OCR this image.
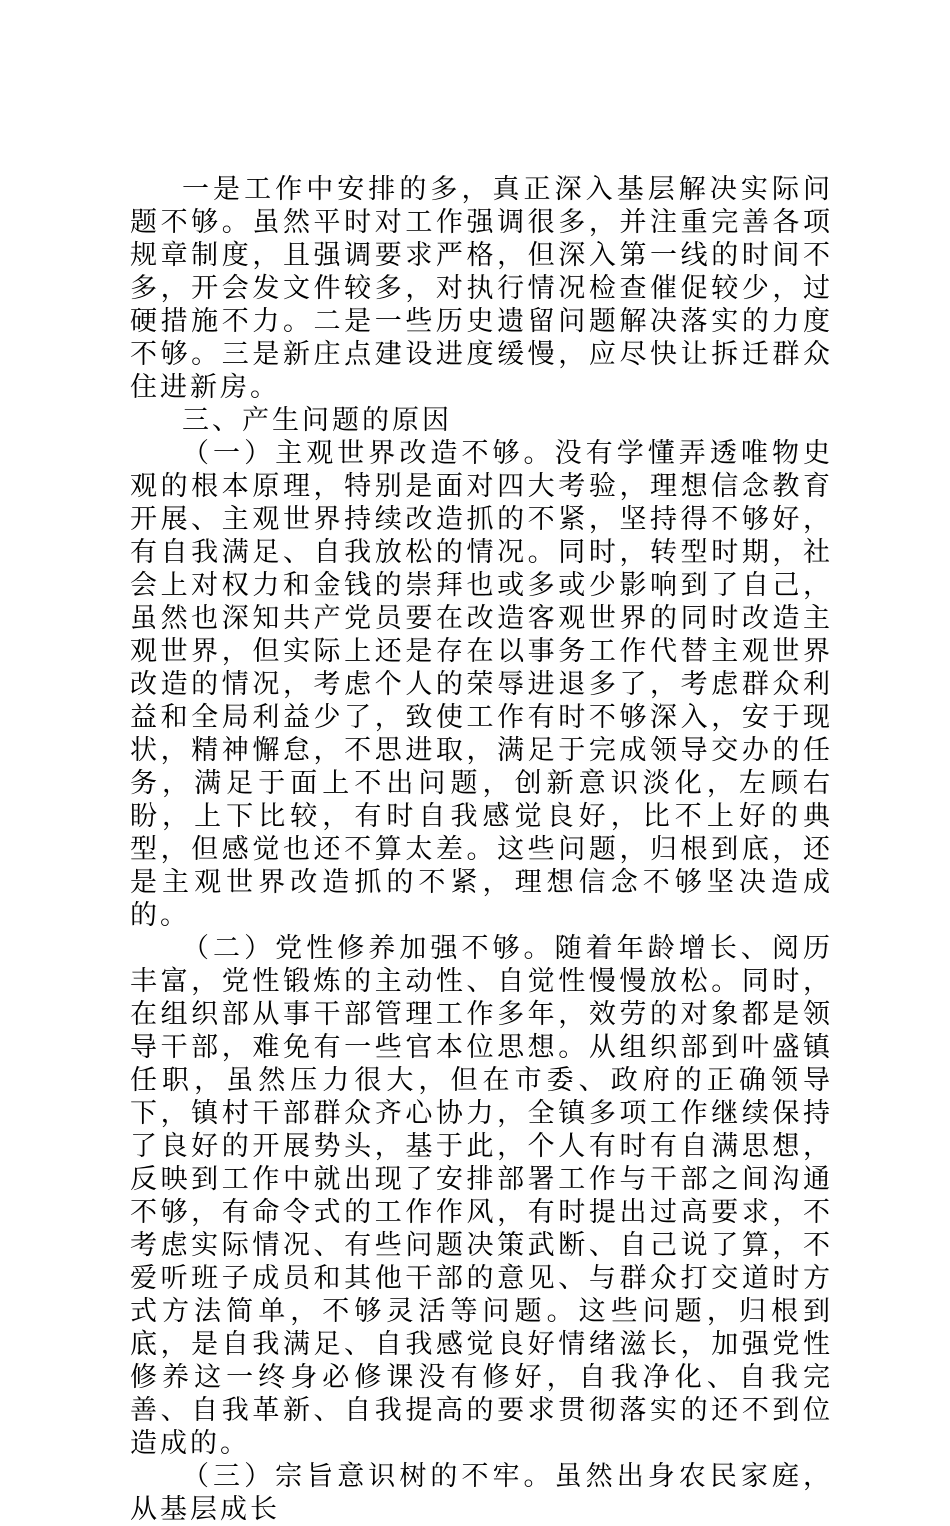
一是工作中安排的多，真正深入基层解决实际问题不够。虽然平时对工作强调很多，并注重完善各项规章制度，且强调要求严格，但深入第一线的时间不多，开会发文件较多，对执行情况检查催促较少，过硬措施不力。二是一些历史遗留问题解决落实的力度不够。三是新庄点建设进度缓慢，应尽快让拆迁群众住进新房。

三、产生问题的原因

（一）主观世界改造不够。没有学懂弄透唯物史观的根本原理，特别是面对四大考验，理想信念教育开展、主观世界持续改造抓的不紧，坚持得不够好，有自我满足、自我放松的情况。同时，转型时期，社会上对权力和金钱的崇拜也或多或少影响到了自己，虽然也深知共产党员要在改造客观世界的同时改造主观世界，但实际上还是存在以事务工作代替主观世界改造的情况，考虑个人的荣辱进退多了，考虑群众利益和全局利益少了，致使工作有时不够深入，安于现状，精神懈怠，不思进取，满足于完成领导交办的任务，满足于面上不出问题，创新意识淡化，左顾右盼，上下比较，有时自我感觉良好，比不上好的典型，但感觉也还不算太差。这些问题，归根到底，还是主观世界改造抓的不紧，理想信念不够坚决造成的。

（二）党性修养加强不够。随着年龄增长、阅历丰富，党性锻炼的主动性、自觉性慢慢放松。同时，在组织部从事干部管理工作多年，效劳的对象都是领导干部，难免有一些官本位思想。从组织部到叶盛镇任职，虽然压力很大，但在市委、政府的正确领导下，镇村干部群众齐心协力，全镇多项工作继续保持了良好的开展势头，基于此，个人有时有自满思想，反映到工作中就出现了安排部署工作与干部之间沟通不够，有命令式的工作作风，有时提出过高要求，不考虑实际情况、有些问题决策武断、自己说了算，不爱听班子成员和其他干部的意见、与群众打交道时方式方法简单，不够灵活等问题。这些问题，归根到底，是自我满足、自我感觉良好情绪滋长，加强党性修养这一终身必修课没有修好，自我净化、自我完善、自我革新、自我提高的要求贯彻落实的还不到位造成的。

（三）宗旨意识树的不牢。虽然出身农民家庭，从基层成长
